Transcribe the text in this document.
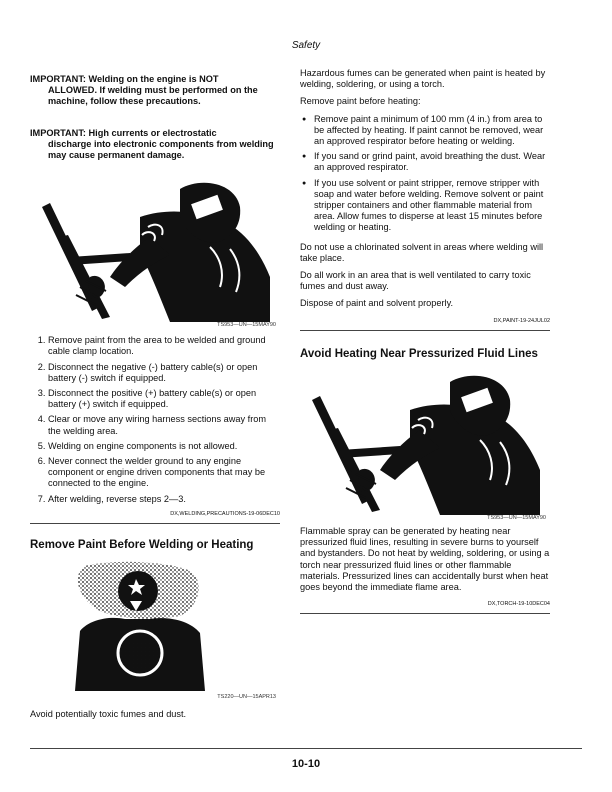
Safety
IMPORTANT: Welding on the engine is NOT
ALLOWED. If welding must be performed on the machine, follow these precautions.
IMPORTANT: High currents or electrostatic
discharge into electronic components from welding may cause permanent damage.
TS953—UN—15MAY90
1. Remove paint from the area to be welded and ground cable clamp location.
2. Disconnect the negative (-) battery cable(s) or open battery (-) switch if equipped.
3. Disconnect the positive (+) battery cable(s) or open battery (+) switch if equipped.
4. Clear or move any wiring harness sections away from the welding area.
5. Welding on engine components is not allowed.
6. Never connect the welder ground to any engine component or engine driven components that may be connected to the engine.
7. After welding, reverse steps 2—3.
DX,WELDING,PRECAUTIONS-19-06DEC10
Remove Paint Before Welding or Heating
TS220—UN—15APR13

Avoid potentially toxic fumes and dust.

Hazardous fumes can be generated when paint is heated by welding, soldering, or using a torch.

Remove paint before heating:

● Remove paint a minimum of 100 mm (4 in.) from area to be affected by heating. If paint cannot be removed, wear an approved respirator before heating or welding.
● If you sand or grind paint, avoid breathing the dust. Wear an approved respirator.
● If you use solvent or paint stripper, remove stripper with soap and water before welding. Remove solvent or paint stripper containers and other flammable material from area. Allow fumes to disperse at least 15 minutes before welding or heating.

Do not use a chlorinated solvent in areas where welding will take place.

Do all work in an area that is well ventilated to carry toxic fumes and dust away.

Dispose of paint and solvent properly.

DX,PAINT-19-24JUL02
Avoid Heating Near Pressurized Fluid Lines
TS953—UN—15MAY90

Flammable spray can be generated by heating near pressurized fluid lines, resulting in severe burns to yourself and bystanders. Do not heat by welding, soldering, or using a torch near pressurized fluid lines or other flammable materials. Pressurized lines can accidentally burst when heat goes beyond the immediate flame area.

DX,TORCH-19-10DEC04
10-10
